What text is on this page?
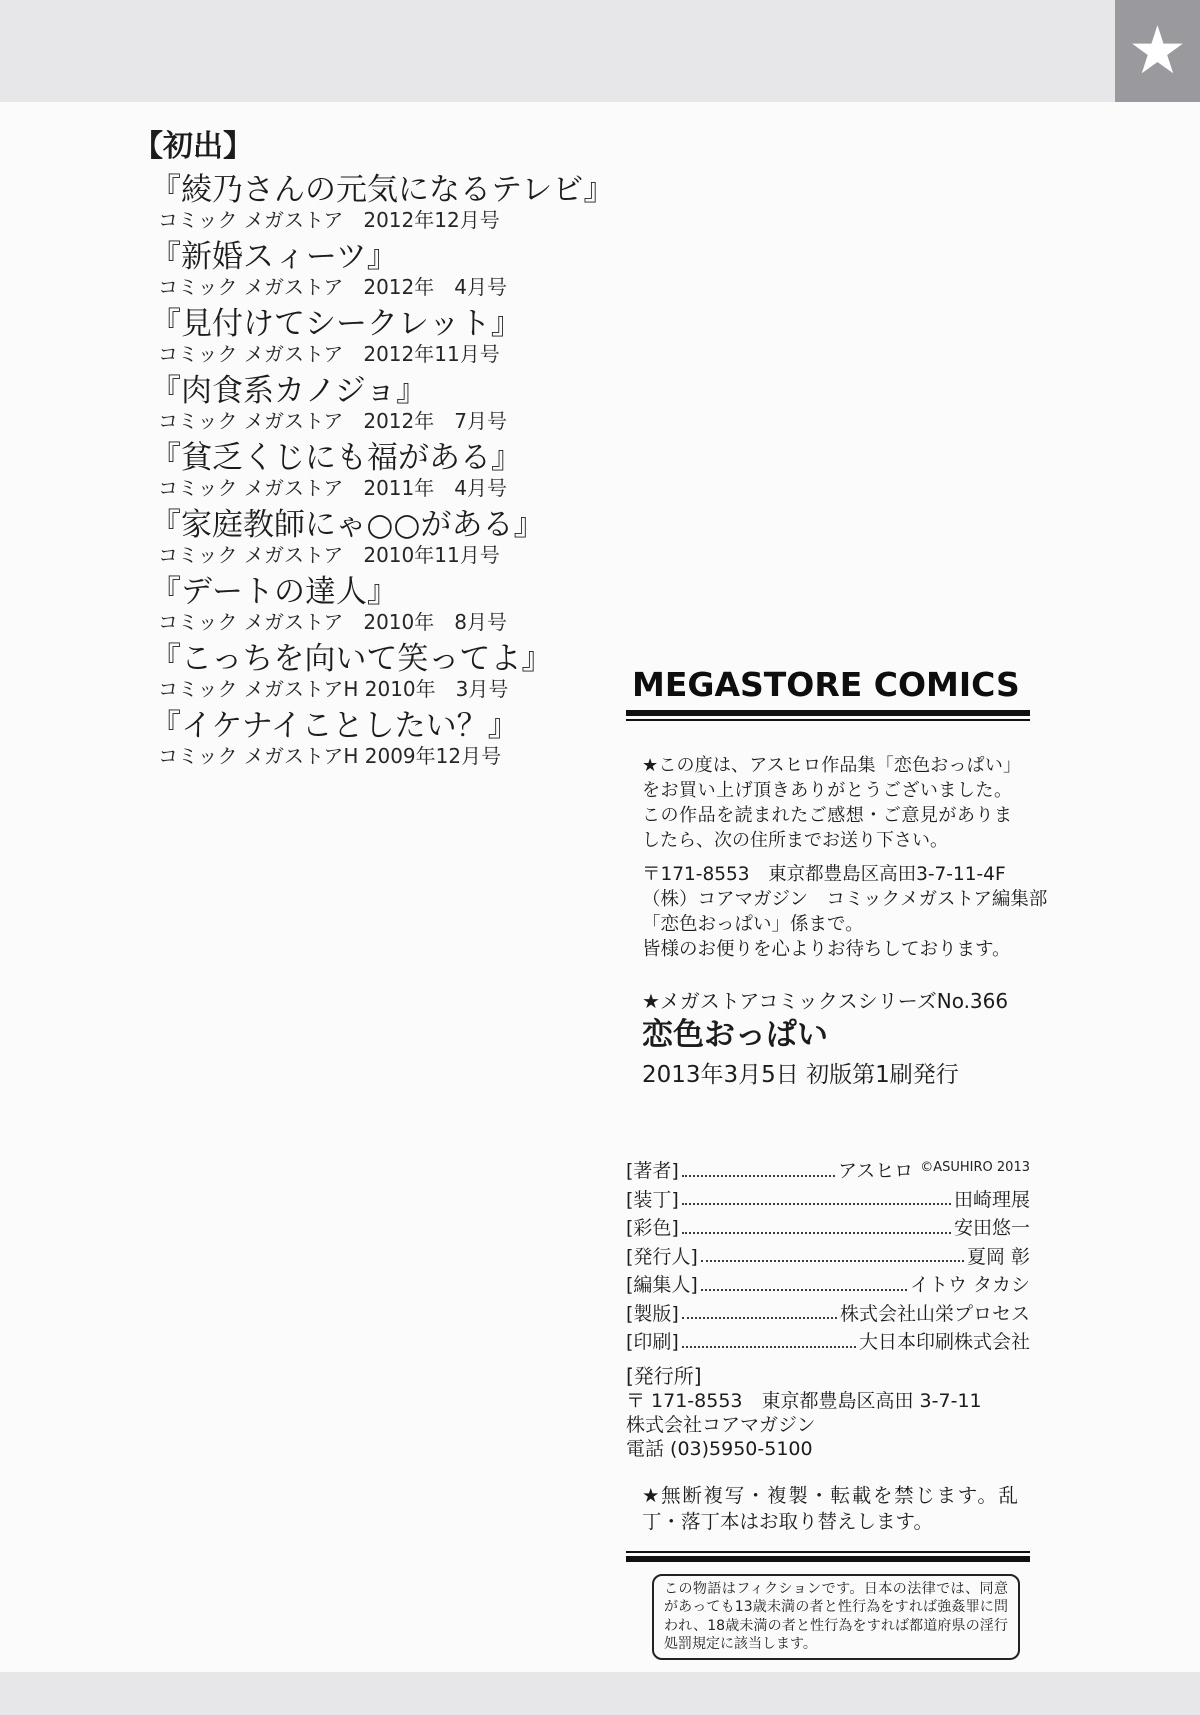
★
【初出】
『綾乃さんの元気になるテレビ』
コミック メガストア　2012年12月号
『新婚スィーツ』
コミック メガストア　2012年　4月号
『見付けてシークレット』
コミック メガストア　2012年11月号
『肉食系カノジョ』
コミック メガストア　2012年　7月号
『貧乏くじにも福がある』
コミック メガストア　2011年　4月号
『家庭教師にゃ○○がある』
コミック メガストア　2010年11月号
『デートの達人』
コミック メガストア　2010年　8月号
『こっちを向いて笑ってよ』
コミック メガストアH 2010年　3月号
『イケナイことしたい？』
コミック メガストアH 2009年12月号
MEGASTORE COMICS
★この度は、アスヒロ作品集「恋色おっぱい」をお買い上げ頂きありがとうございました。この作品を読まれたご感想・ご意見がありましたら、次の住所までお送り下さい。
〒171-8553　東京都豊島区高田3-7-11-4F
（株）コアマガジン　コミックメガストア編集部
「恋色おっぱい」係まで。
皆様のお便りを心よりお待ちしております。
★メガストアコミックスシリーズNo.366
恋色おっぱい
2013年3月5日 初版第1刷発行
[著者]	アスヒロ ©ASUHIRO 2013
[装丁]	田崎理展
[彩色]	安田悠一
[発行人]	夏岡 彰
[編集人]	イトウ タカシ
[製版]	株式会社山栄プロセス
[印刷]	大日本印刷株式会社
[発行所]
〒 171-8553　東京都豊島区高田 3-7-11
株式会社コアマガジン
電話 (03)5950-5100
★無断複写・複製・転載を禁じます。乱丁・落丁本はお取り替えします。
この物語はフィクションです。日本の法律では、同意があっても13歳未満の者と性行為をすれば強姦罪に問われ、18歳未満の者と性行為をすれば都道府県の淫行処罰規定に該当します。
